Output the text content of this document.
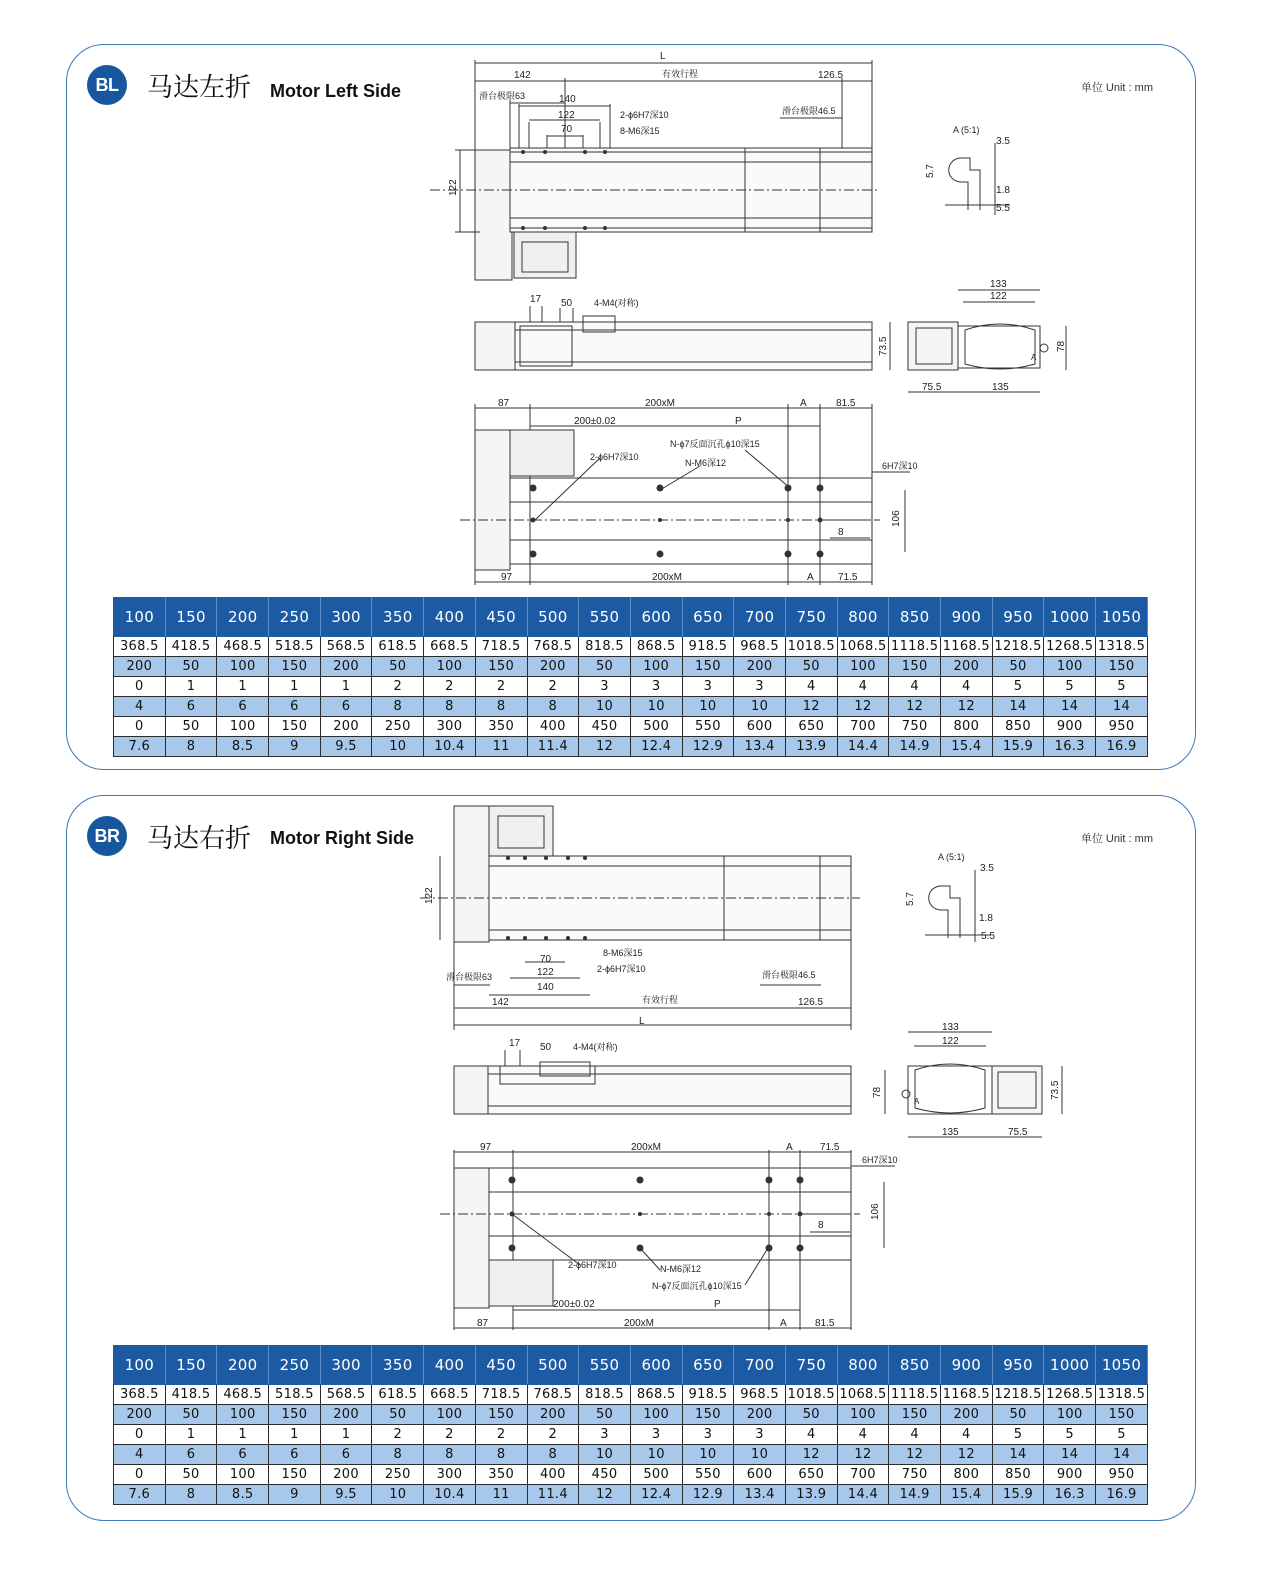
BL	马达左折 Motor Left Side	单位 Unit : mm
L
142	有效行程	126.5
滑台极限63	140
122
70
2-ϕ6H7深10
8-M6深15
滑台极限46.5
122
A (5:1)
3.5
5.7
1.8
5.5
17 50 4-M4(对称)
133
122
73.5	78
75.5	135
A
87	200xM	A	81.5
200±0.02	P
N-ϕ7反面沉孔ϕ10深15
2-ϕ6H7深10
N-M6深12	6H7深10
106
8
97	200xM	A 71.5
100	150	200	250	300	350	400	450	500	550	600	650	700	750	800	850	900	950	1000	1050
368.5	418.5	468.5	518.5	568.5	618.5	668.5	718.5	768.5	818.5	868.5	918.5	968.5	1018.5	1068.5	1118.5	1168.5	1218.5	1268.5	1318.5
200	50	100	150	200	50	100	150	200	50	100	150	200	50	100	150	200	50	100	150
0	1	1	1	1	2	2	2	2	3	3	3	3	4	4	4	4	5	5	5
4	6	6	6	6	8	8	8	8	10	10	10	10	12	12	12	12	14	14	14
0	50	100	150	200	250	300	350	400	450	500	550	600	650	700	750	800	850	900	950
7.6	8	8.5	9	9.5	10	10.4	11	11.4	12	12.4	12.9	13.4	13.9	14.4	14.9	15.4	15.9	16.3	16.9
BR 马达右折 Motor Right Side	单位 Unit : mm
122
8-M6深15
2-ϕ6H7深10
70
122
140
滑台极限63	滑台极限46.5
142	有效行程	126.5
L
A (5:1)
3.5
5.7
1.8
5.5
17 50 4-M4(对称)
133
122
78	73.5
135	75.5
A
97	200xM	A	71.5
6H7深10
106
8
2-ϕ6H7深10	N-M6深12
N-ϕ7反面沉孔ϕ10深15
200±0.02	P
87	200xM	A	81.5
100	150	200	250	300	350	400	450	500	550	600	650	700	750	800	850	900	950	1000	1050
368.5	418.5	468.5	518.5	568.5	618.5	668.5	718.5	768.5	818.5	868.5	918.5	968.5	1018.5	1068.5	1118.5	1168.5	1218.5	1268.5	1318.5
200	50	100	150	200	50	100	150	200	50	100	150	200	50	100	150	200	50	100	150
0	1	1	1	1	2	2	2	2	3	3	3	3	4	4	4	4	5	5	5
4	6	6	6	6	8	8	8	8	10	10	10	10	12	12	12	12	14	14	14
0	50	100	150	200	250	300	350	400	450	500	550	600	650	700	750	800	850	900	950
7.6	8	8.5	9	9.5	10	10.4	11	11.4	12	12.4	12.9	13.4	13.9	14.4	14.9	15.4	15.9	16.3	16.9
